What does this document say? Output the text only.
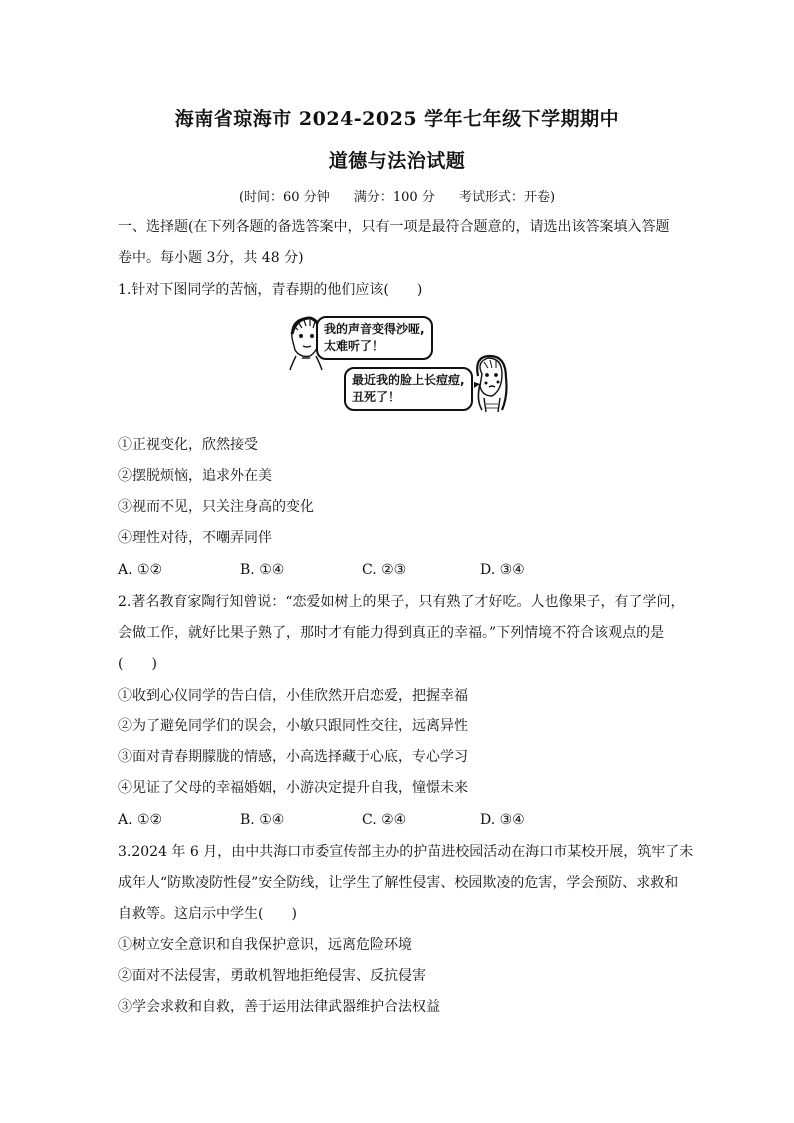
海南省琼海市 2024-2025 学年七年级下学期期中
道德与法治试题
(时间：60 分钟 满分：100 分 考试形式：开卷)
一、选择题(在下列各题的备选答案中，只有一项是最符合题意的，请选出该答案填入答题
卷中。每小题 3分，共 48 分)
1.针对下图同学的苦恼，青春期的他们应该(　　)
我的声音变得沙哑,
太难听了！
最近我的脸上长痘痘,
丑死了！
①正视变化，欣然接受
②摆脱烦恼，追求外在美
③视而不见，只关注身高的变化
④理性对待，不嘲弄同伴
A. ①②	B. ①④	C. ②③	D. ③④
2.著名教育家陶行知曾说：“恋爱如树上的果子，只有熟了才好吃。人也像果子，有了学问，
会做工作，就好比果子熟了，那时才有能力得到真正的幸福。”下列情境不符合该观点的是
(　　)
①收到心仪同学的告白信，小佳欣然开启恋爱，把握幸福
②为了避免同学们的误会，小敏只跟同性交往，远离异性
③面对青春期朦胧的情感，小高选择藏于心底，专心学习
④见证了父母的幸福婚姻，小游决定提升自我，憧憬未来
A. ①②	B. ①④	C. ②④	D. ③④
3.2024 年 6 月，由中共海口市委宣传部主办的护苗进校园活动在海口市某校开展，筑牢了未
成年人“防欺凌防性侵”安全防线，让学生了解性侵害、校园欺凌的危害，学会预防、求救和
自救等。这启示中学生(　　)
①树立安全意识和自我保护意识，远离危险环境
②面对不法侵害，勇敢机智地拒绝侵害、反抗侵害
③学会求救和自救，善于运用法律武器维护合法权益
